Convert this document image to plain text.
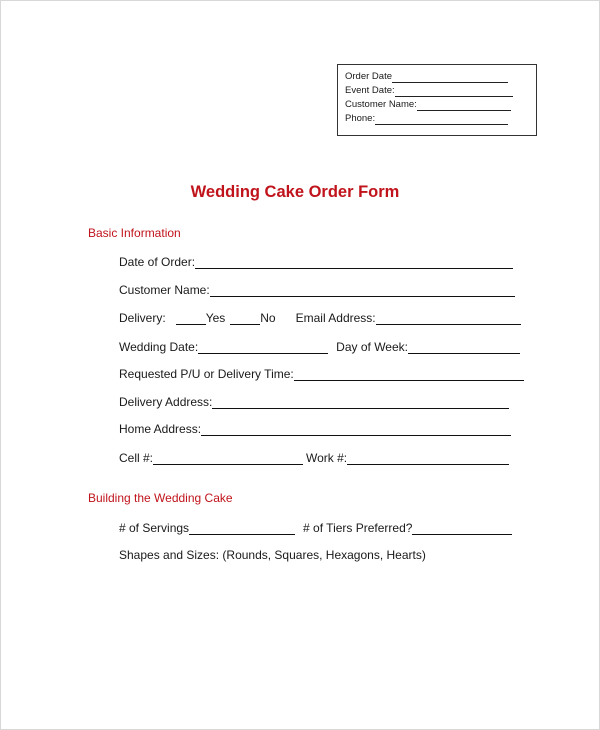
Order Date
Event Date:
Customer Name:
Phone:
Wedding Cake Order Form
Basic Information
Date of Order:
Customer Name:
Delivery:	Yes	No Email Address:
Wedding Date:	Day of Week:
Requested P/U or Delivery Time:
Delivery Address:
Home Address:
Cell #:	Work #:
Building the Wedding Cake
# of Servings	# of Tiers Preferred?
Shapes and Sizes: (Rounds, Squares, Hexagons, Hearts)
